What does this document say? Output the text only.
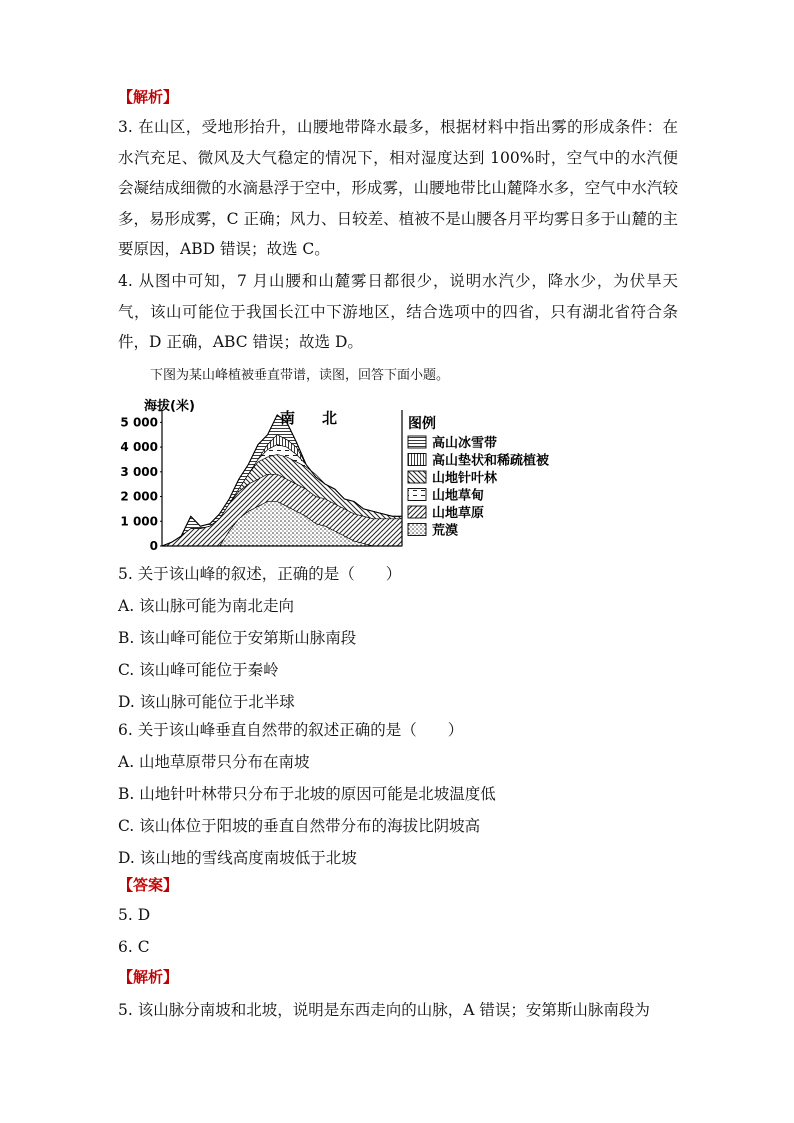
【解析】
3. 在山区，受地形抬升，山腰地带降水最多，根据材料中指出雾的形成条件：在水汽充足、微风及大气稳定的情况下，相对湿度达到 100%时，空气中的水汽便会凝结成细微的水滴悬浮于空中，形成雾，山腰地带比山麓降水多，空气中水汽较多，易形成雾，C 正确；风力、日较差、植被不是山腰各月平均雾日多于山麓的主要原因，ABD 错误；故选 C。
4. 从图中可知，7 月山腰和山麓雾日都很少，说明水汽少，降水少，为伏旱天气，该山可能位于我国长江中下游地区，结合选项中的四省，只有湖北省符合条件，D 正确，ABC 错误；故选 D。
下图为某山峰植被垂直带谱，读图，回答下面小题。
海拔(米)
0
1 000
2 000
3 000
4 000
5 000	南 北	图例
高山冰雪带
高山垫状和稀疏植被
山地针叶林
山地草甸
山地草原
荒漠
5. 关于该山峰的叙述，正确的是（　　）
A. 该山脉可能为南北走向
B. 该山峰可能位于安第斯山脉南段
C. 该山峰可能位于秦岭
D. 该山脉可能位于北半球
6. 关于该山峰垂直自然带的叙述正确的是（　　）
A. 山地草原带只分布在南坡
B. 山地针叶林带只分布于北坡的原因可能是北坡温度低
C. 该山体位于阳坡的垂直自然带分布的海拔比阴坡高
D. 该山地的雪线高度南坡低于北坡
【答案】
5. D
6. C
【解析】
5. 该山脉分南坡和北坡，说明是东西走向的山脉，A 错误；安第斯山脉南段为
